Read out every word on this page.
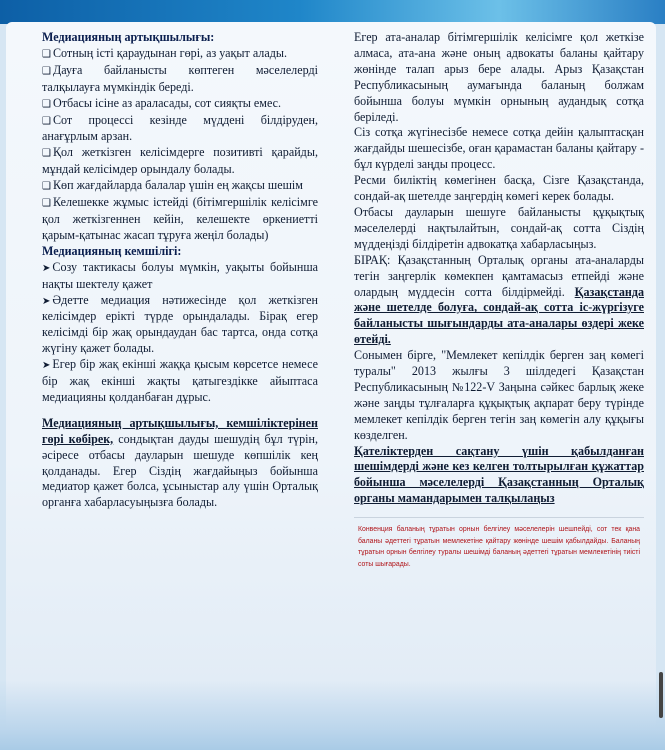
Медиацияның артықшылығы:

❑ Сотның істі қараудынан гөрі, аз уақыт алады.

❑ Дауға байланысты көптеген мәселелерді талқылауға мүмкіндік береді.

❑ Отбасы ісіне аз араласады, сот сияқты емес.

❑ Сот процессі кезінде мүддені білдіруден, анағұрлым арзан.

❑ Қол жеткізген келісімдерге позитивті қарайды, мұндай келісімдер орындалу болады.

❑ Көп жағдайларда балалар үшін ең жақсы шешім

❑ Келешекке жұмыс істейді (бітімгершілік келісімге қол жеткізгеннен кейін, келешекте өркениетті қарым-қатынас жасап тұруға жеңіл болады)

Медиацияның кемшілігі:

➤ Созу тактикасы болуы мүмкін, уақыты бойынша нақты шектелу қажет

➤ Әдетте медиация нәтижесінде қол жеткізген келісімдер ерікті түрде орындалады. Бірақ егер келісімді бір жақ орындаудан бас тартса, онда сотқа жүгіну қажет болады.

➤ Егер бір жақ екінші жаққа қысым көрсетсе немесе бір жақ екінші жақты қатыгездікке айыптаса медиацияны қолданбаған дұрыс.

Медиацияның артықшылығы, кемшіліктерінен гөрі көбірек, сондықтан дауды шешудің бұл түрін, әсіресе отбасы дауларын шешуде көпшілік кең қолданады. Егер Сіздің жағдайыңыз бойынша медиатор қажет болса, ұсыныстар алу үшін Орталық органға хабарласуыңызға болады.

Егер ата-аналар бітімгершілік келісімге қол жеткізе алмаса, ата-ана және оның адвокаты баланы қайтару жөнінде талап арыз бере алады. Арыз Қазақстан Республикасының аумағында баланың болжам бойынша болуы мүмкін орнының аудандық сотқа беріледі.

Сіз сотқа жүгінесізбе немесе сотқа дейін қалыптасқан жағдайды шешесізбе, оған қарамастан баланы қайтару - бұл күрделі заңды процесс.

Ресми биліктің көмегінен басқа, Сізге Қазақстанда, сондай-ақ шетелде заңгердің көмегі керек болады.

Отбасы дауларын шешуге байланысты құқықтық мәселелерді нақтылайтын, сондай-ақ сотта Сіздің мүддеңізді білдіретін адвокатқа хабарласыңыз.

БІРАҚ: Қазақстанның Орталық органы ата-аналарды тегін заңгерлік көмекпен қамтамасыз етпейді және олардың мүддесін сотта білдірмейді. Қазақстанда және шетелде болуға, сондай-ақ сотта іс-жүргізуге байланысты шығындарды ата-аналары өздері жеке өтейді.

Сонымен бірге, "Мемлекет кепілдік берген заң көмегі туралы" 2013 жылғы 3 шілдедегі Қазақстан Республикасының №122-V Заңына сәйкес барлық жеке және заңды тұлғаларға құқықтық ақпарат беру түрінде мемлекет кепілдік берген тегін заң көмегін алу құқығы көзделген.

Қателіктерден сақтану үшін қабылданған шешімдерді және кез келген толтырылған құжаттар бойынша мәселелерді Қазақстанның Орталық органы мамандарымен талқылаңыз

Конвенция баланың тұратын орнын белгілеу мәселелерін шешпейді, сот тек қана баланы әдеттегі тұратын мемлекетіне қайтару жөнінде шешім қабылдайды. Баланың тұратын орнын белгілеу туралы шешімді баланың әдеттегі тұратын мемлекетінің тиісті соты шығарады.
